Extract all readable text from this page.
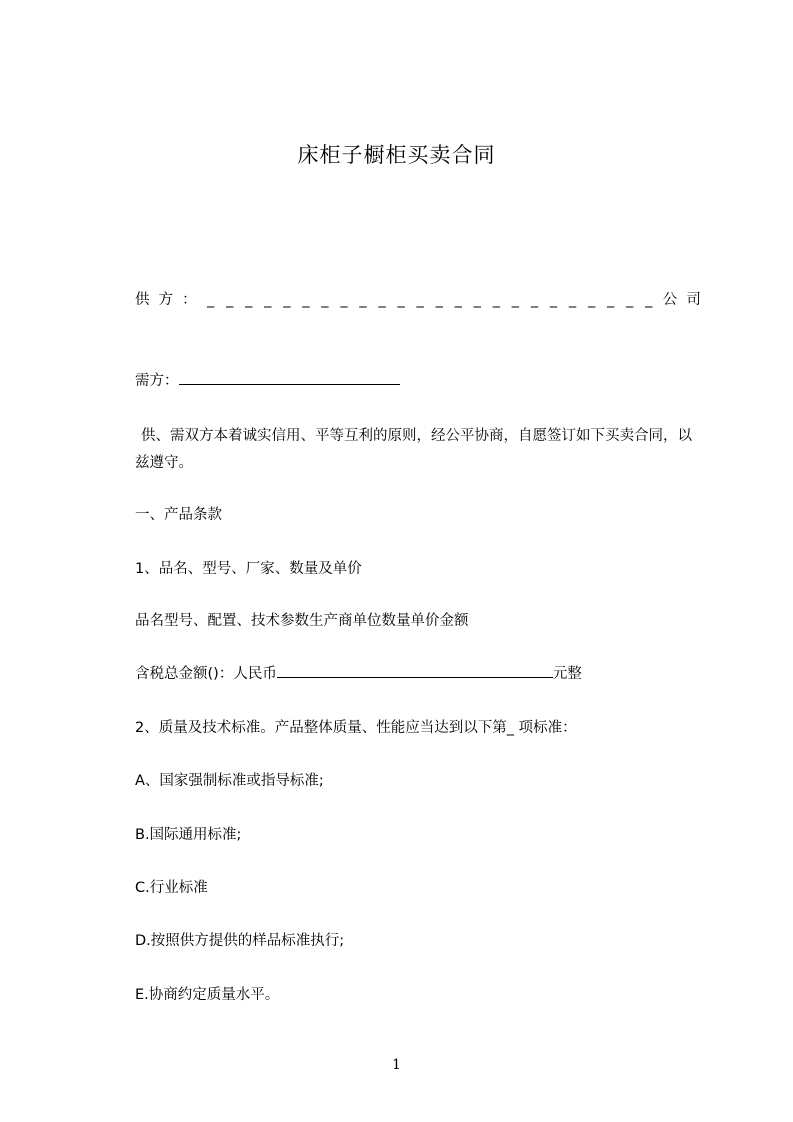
床柜子橱柜买卖合同
供 方 ： _ _ _ _ _ _ _ _ _ _ _ _ _ _ _ _ _ _ _ _ _ _ _ _ 公 司
需方：
供、需双方本着诚实信用、平等互利的原则，经公平协商，自愿签订如下买卖合同，以兹遵守。
一、产品条款
1、品名、型号、厂家、数量及单价
品名型号、配置、技术参数生产商单位数量单价金额
含税总金额()：人民币	元整
2、质量及技术标准。产品整体质量、性能应当达到以下第_ 项标准：
A、国家强制标准或指导标准;
B.国际通用标准;
C.行业标准
D.按照供方提供的样品标准执行;
E.协商约定质量水平。
1
